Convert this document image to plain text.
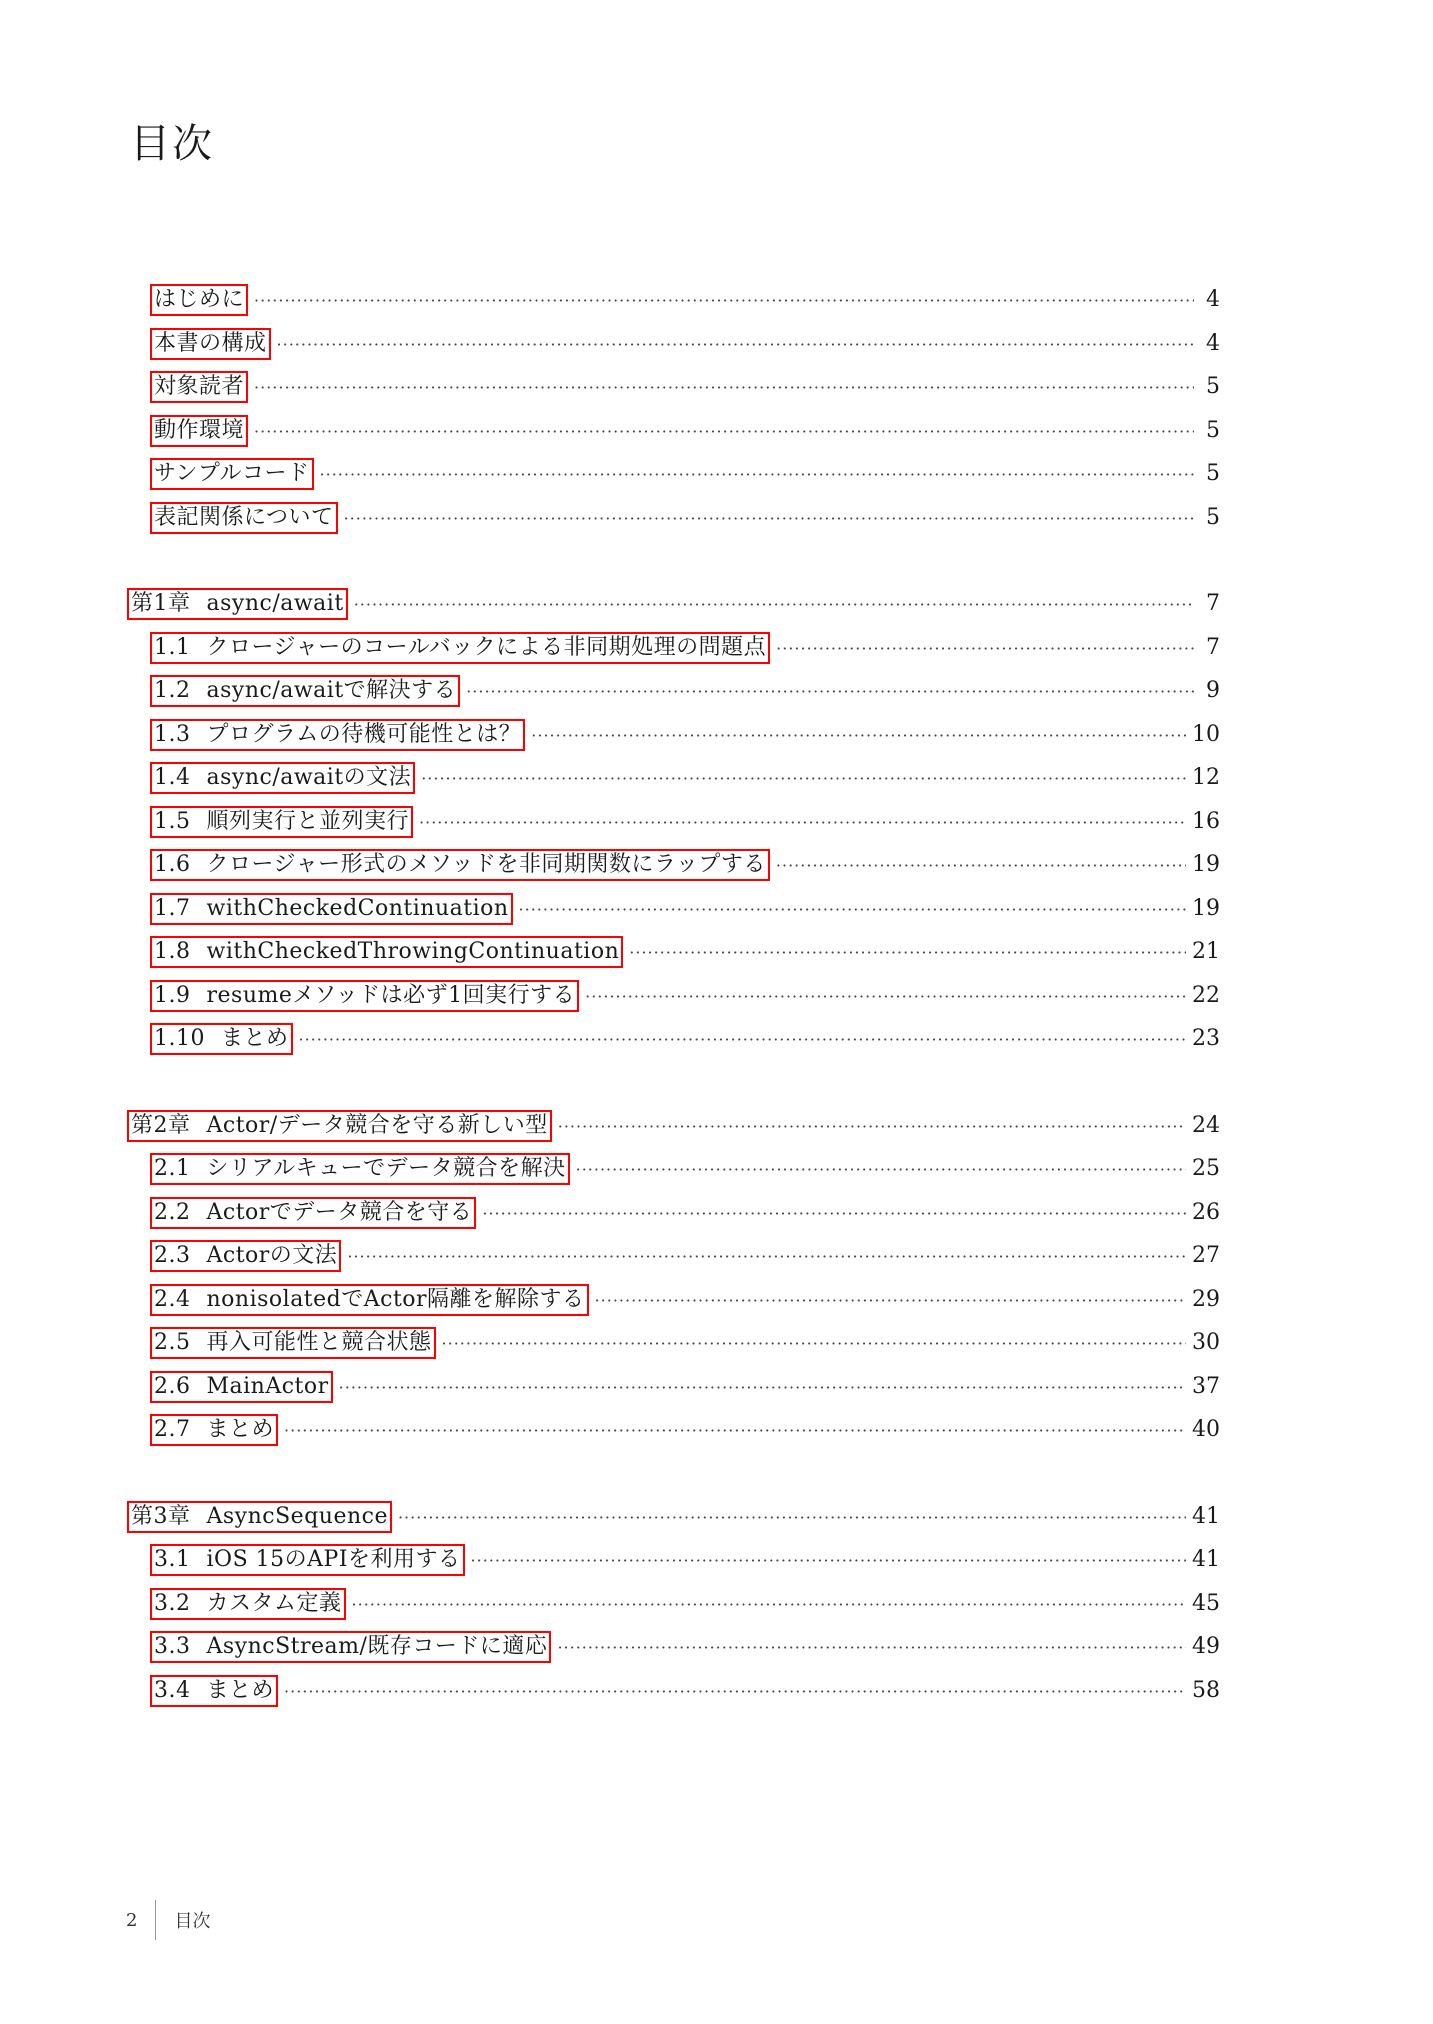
目次
はじめに ·····	4
本書の構成 ·····	4
対象読者 ·····	5
動作環境 ·····	5
サンプルコード ·····	5
表記関係について ·····	5
第1章 async/await ·····	7
1.1 クロージャーのコールバックによる非同期処理の問題点 ·····	7
1.2 async/awaitで解決する ·····	9
1.3 プログラムの待機可能性とは？ ·····	10
1.4 async/awaitの文法 ·····	12
1.5 順列実行と並列実行 ·····	16
1.6 クロージャー形式のメソッドを非同期関数にラップする ·····	19
1.7 withCheckedContinuation ·····	19
1.8 withCheckedThrowingContinuation ·····	21
1.9 resumeメソッドは必ず1回実行する ·····	22
1.10 まとめ ·····	23
第2章 Actor/データ競合を守る新しい型 ·····	24
2.1 シリアルキューでデータ競合を解決 ·····	25
2.2 Actorでデータ競合を守る ·····	26
2.3 Actorの文法 ·····	27
2.4 nonisolatedでActor隔離を解除する ·····	29
2.5 再入可能性と競合状態 ·····	30
2.6 MainActor ·····	37
2.7 まとめ ·····	40
第3章 AsyncSequence ·····	41
3.1 iOS 15のAPIを利用する ·····	41
3.2 カスタム定義 ·····	45
3.3 AsyncStream/既存コードに適応 ·····	49
3.4 まとめ ·····	58
2 目次
